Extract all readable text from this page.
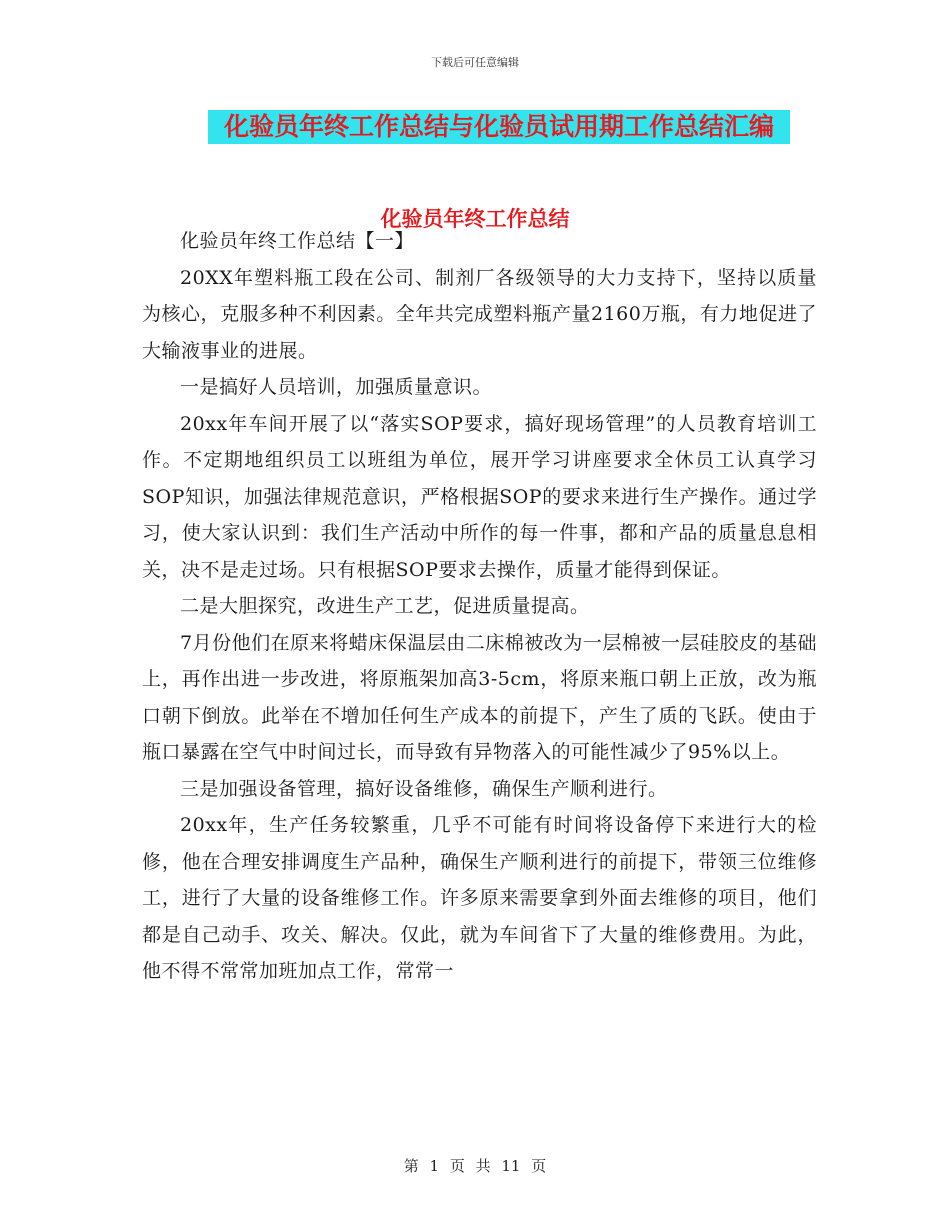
下载后可任意编辑
化验员年终工作总结与化验员试用期工作总结汇编
化验员年终工作总结

化验员年终工作总结【一】

20XX年塑料瓶工段在公司、制剂厂各级领导的大力支持下，坚持以质量为核心，克服多种不利因素。全年共完成塑料瓶产量2160万瓶，有力地促进了大输液事业的进展。

一是搞好人员培训，加强质量意识。

20xx年车间开展了以“落实SOP要求，搞好现场管理”的人员教育培训工作。不定期地组织员工以班组为单位，展开学习讲座要求全休员工认真学习SOP知识，加强法律规范意识，严格根据SOP的要求来进行生产操作。通过学习，使大家认识到：我们生产活动中所作的每一件事，都和产品的质量息息相关，决不是走过场。只有根据SOP要求去操作，质量才能得到保证。

二是大胆探究，改进生产工艺，促进质量提高。

7月份他们在原来将蜡床保温层由二床棉被改为一层棉被一层硅胶皮的基础上，再作出进一步改进，将原瓶架加高3-5cm，将原来瓶口朝上正放，改为瓶口朝下倒放。此举在不增加任何生产成本的前提下，产生了质的飞跃。使由于瓶口暴露在空气中时间过长，而导致有异物落入的可能性减少了95%以上。

三是加强设备管理，搞好设备维修，确保生产顺利进行。

20xx年，生产任务较繁重，几乎不可能有时间将设备停下来进行大的检修，他在合理安排调度生产品种，确保生产顺利进行的前提下，带领三位维修工，进行了大量的设备维修工作。许多原来需要拿到外面去维修的项目，他们都是自己动手、攻关、解决。仅此，就为车间省下了大量的维修费用。为此，他不得不常常加班加点工作，常常一

第 1 页 共 11 页
